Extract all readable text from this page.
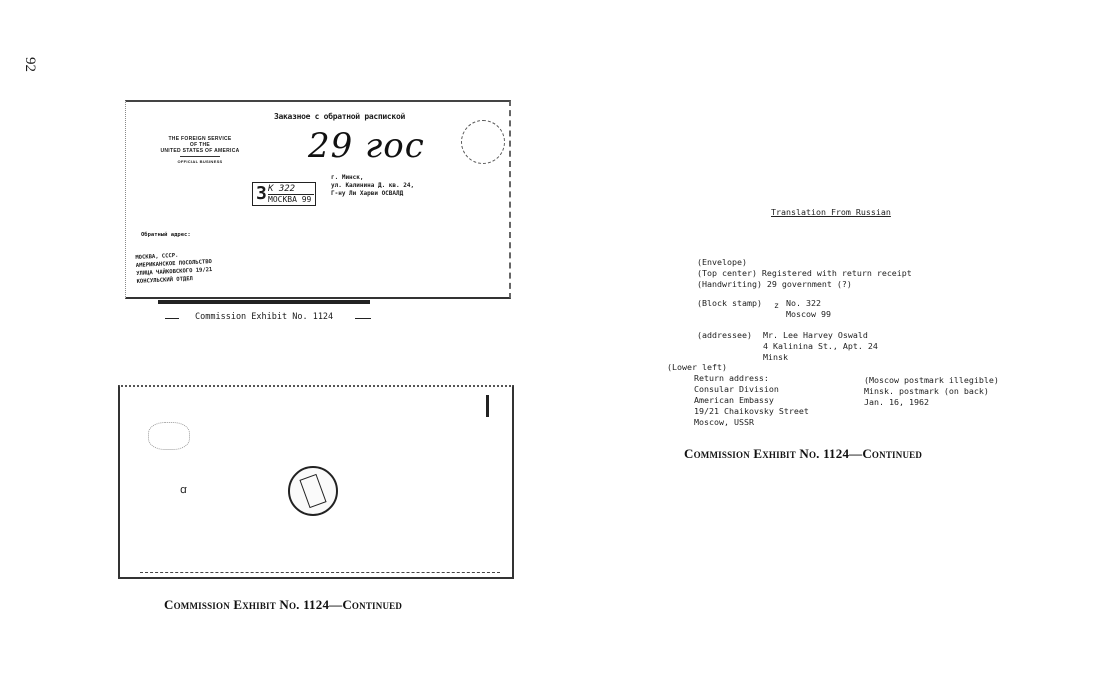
92
Заказное с обратной распиской
THE FOREIGN SERVICE
OF THE
UNITED STATES OF AMERICA
OFFICIAL BUSINESS	29 гос
З К 322
МОСКВА 99
г. Минск,
ул. Калинина Д. кв. 24,
Г-ну Ли Харви ОСВАЛД
Обратный адрес:
МОСКВА, СССР.
АМЕРИКАНСКОЕ ПОСОЛЬСТВО
УЛИЦА ЧАЙКОВСКОГО 19/21
КОНСУЛЬСКИЙ ОТДЕЛ
Commission Exhibit No. 1124
ꭤ
Commission Exhibit No. 1124—Continued
Translation From Russian
(Envelope)
(Top center) Registered with return receipt
(Handwriting) 29 government (?)
(Block stamp) z No. 322
Moscow 99
(addressee) Mr. Lee Harvey Oswald
4 Kalinina St., Apt. 24
Minsk
(Lower left)
Return address:
Consular Division
American Embassy
19/21 Chaikovsky Street
Moscow, USSR
(Moscow postmark illegible)
Minsk. postmark (on back)
Jan. 16, 1962
Commission Exhibit No. 1124—Continued
